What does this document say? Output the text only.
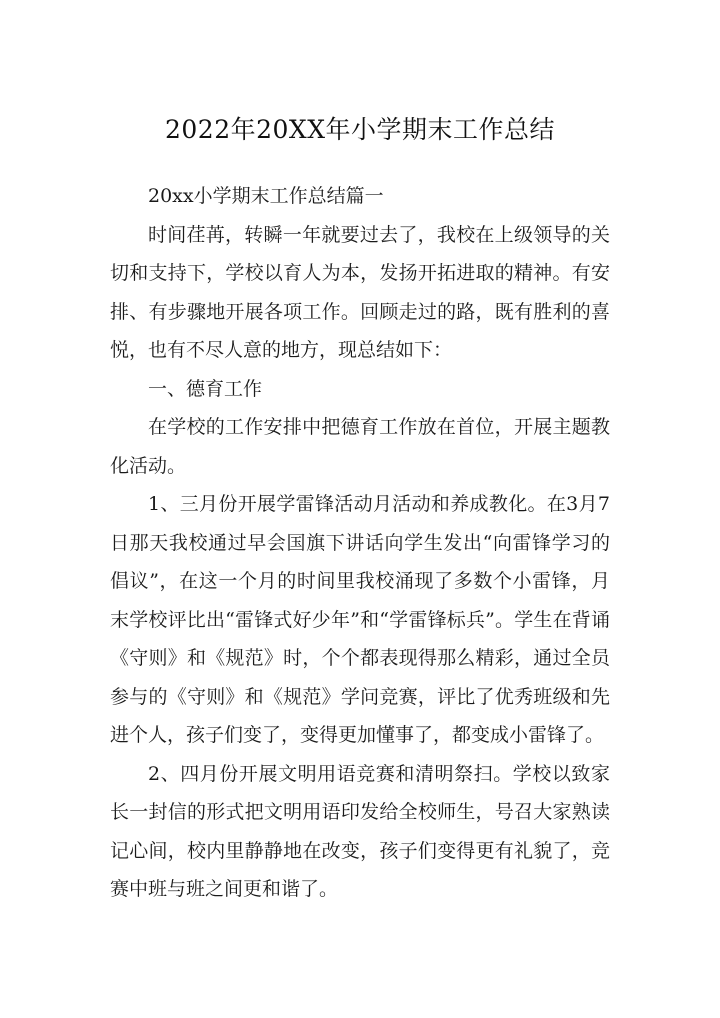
2022年20XX年小学期末工作总结

20xx小学期末工作总结篇一

时间荏苒，转瞬一年就要过去了，我校在上级领导的关切和支持下，学校以育人为本，发扬开拓进取的精神。有安排、有步骤地开展各项工作。回顾走过的路，既有胜利的喜悦，也有不尽人意的地方，现总结如下：

一、德育工作

在学校的工作安排中把德育工作放在首位，开展主题教化活动。

1、三月份开展学雷锋活动月活动和养成教化。在3月7日那天我校通过早会国旗下讲话向学生发出“向雷锋学习的倡议”，在这一个月的时间里我校涌现了多数个小雷锋，月末学校评比出“雷锋式好少年”和“学雷锋标兵”。学生在背诵《守则》和《规范》时，个个都表现得那么精彩，通过全员参与的《守则》和《规范》学问竞赛，评比了优秀班级和先进个人，孩子们变了，变得更加懂事了，都变成小雷锋了。

2、四月份开展文明用语竞赛和清明祭扫。学校以致家长一封信的形式把文明用语印发给全校师生，号召大家熟读记心间，校内里静静地在改变，孩子们变得更有礼貌了，竞赛中班与班之间更和谐了。
